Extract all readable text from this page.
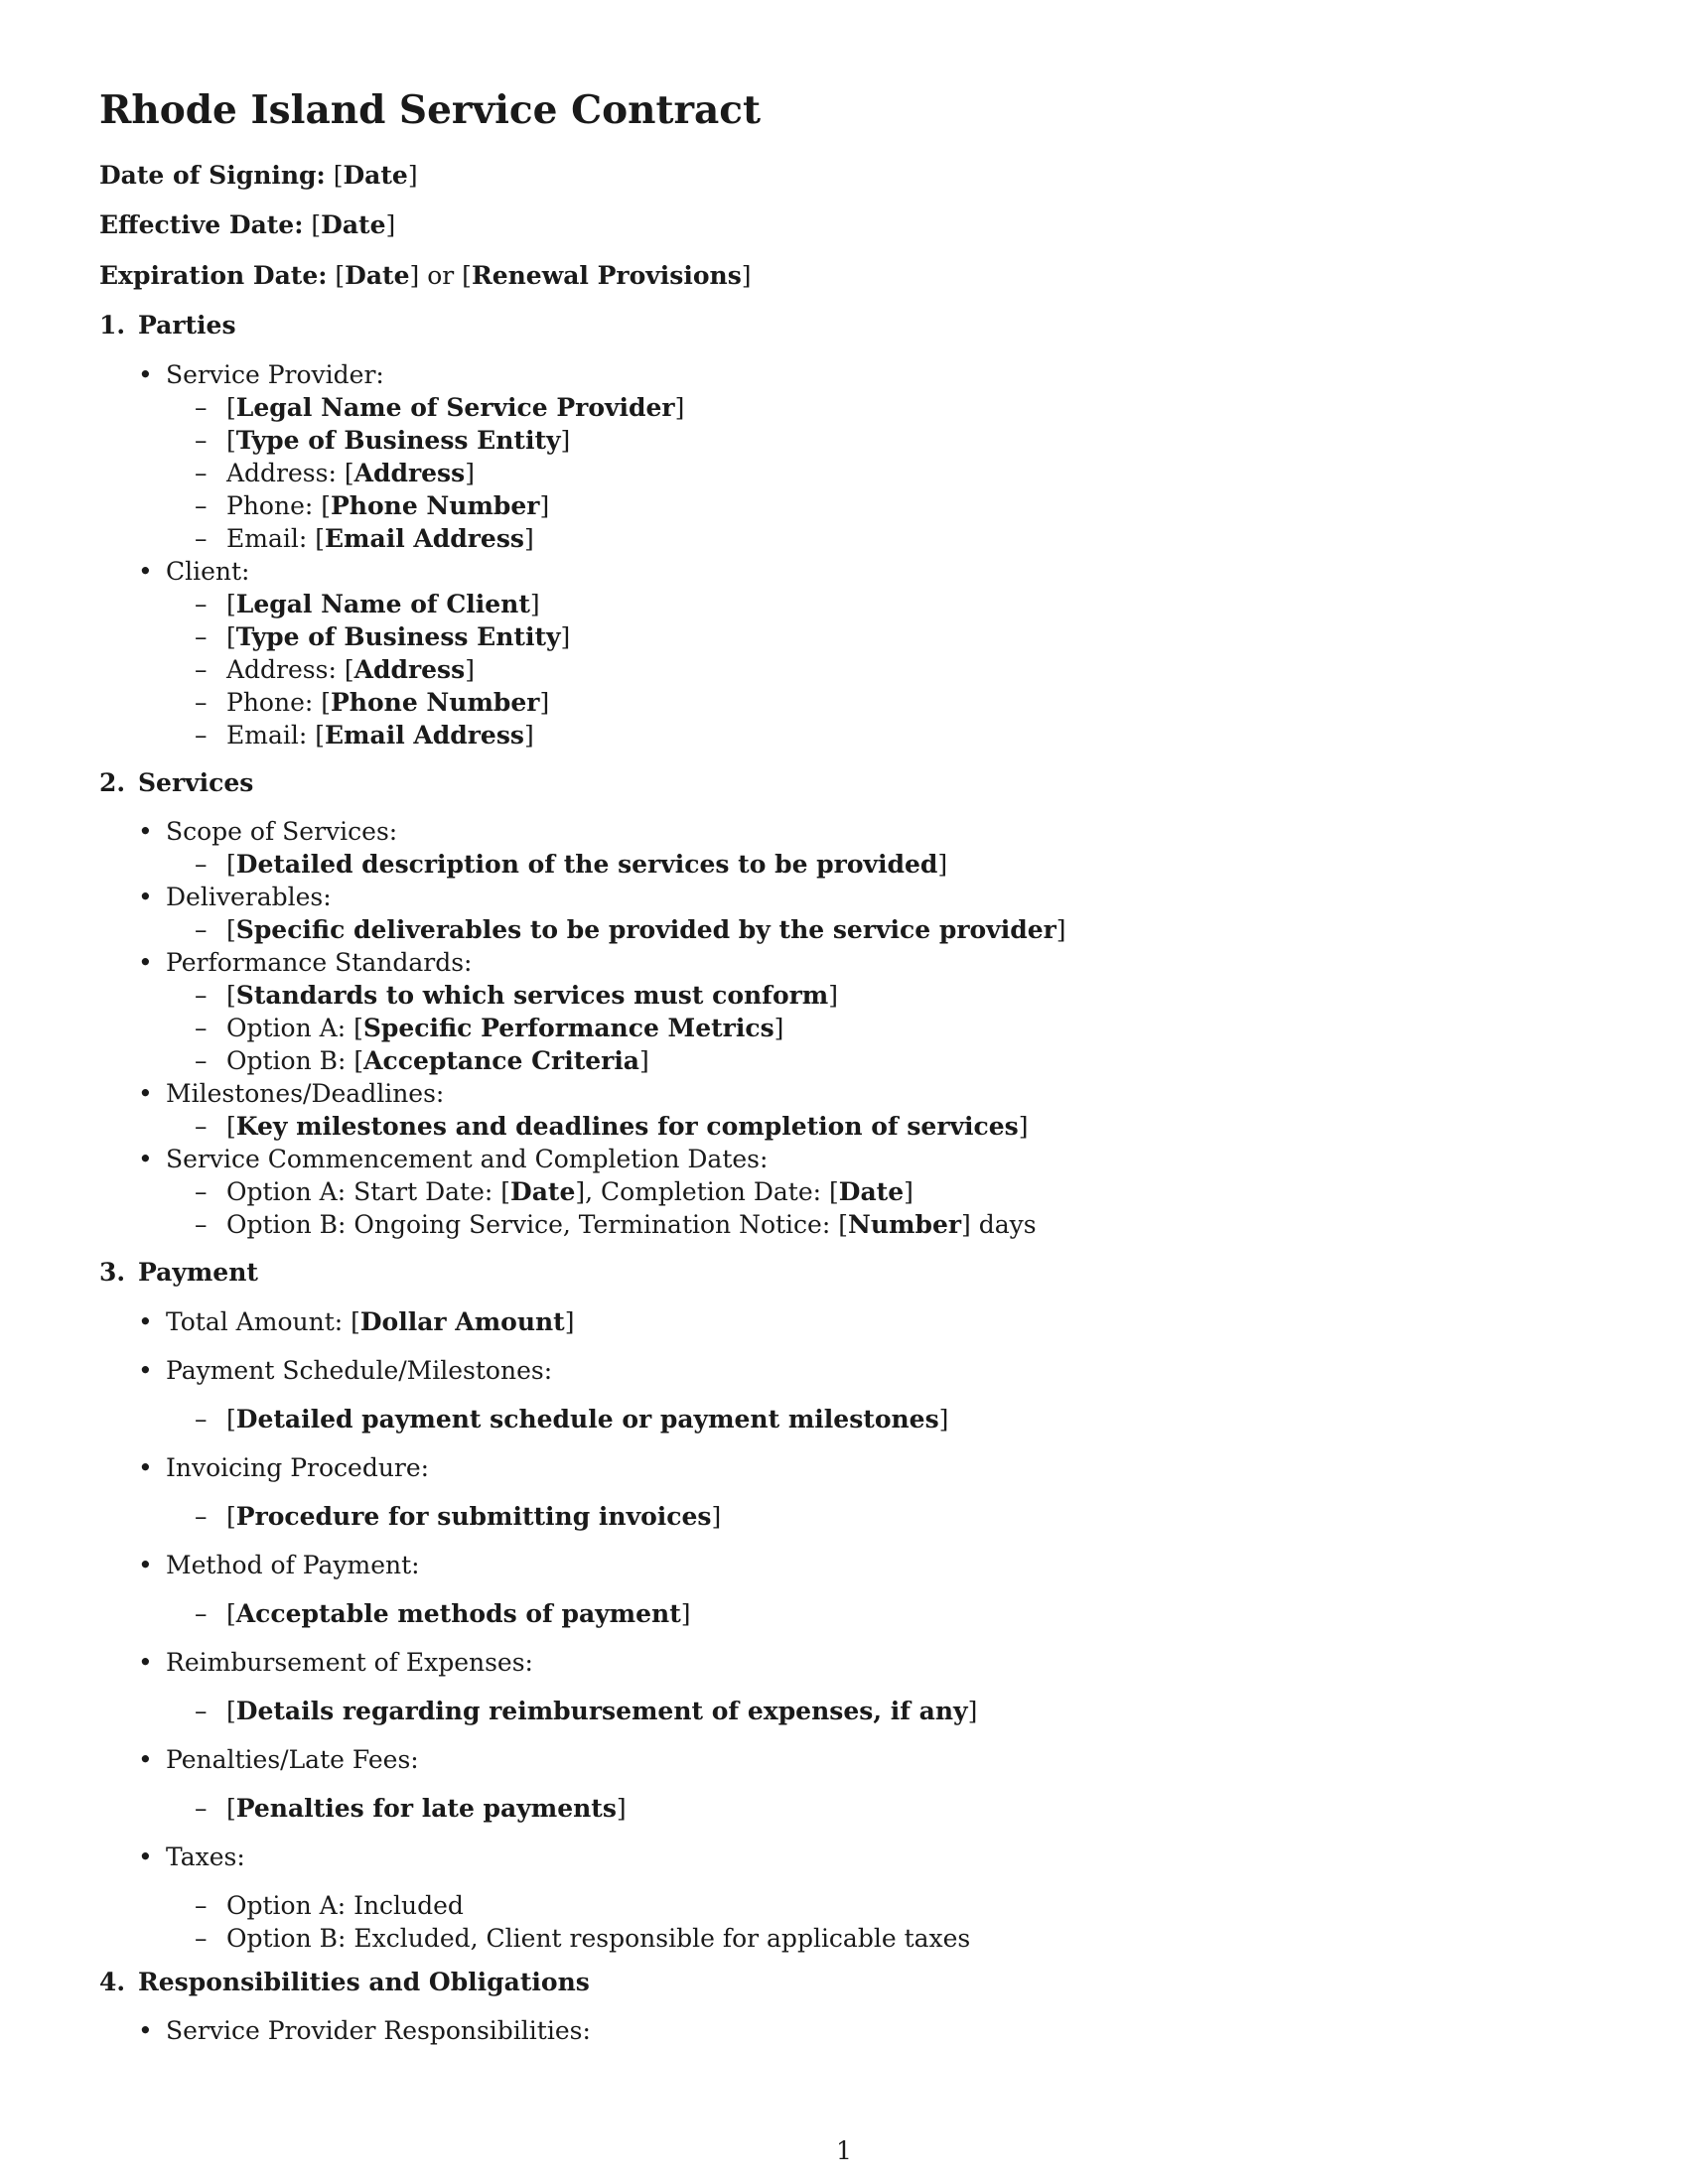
Rhode Island Service Contract

Date of Signing: [Date]

Effective Date: [Date]

Expiration Date: [Date] or [Renewal Provisions]

1. Parties
• Service Provider:
– [Legal Name of Service Provider]
– [Type of Business Entity]
– Address: [Address]
– Phone: [Phone Number]
– Email: [Email Address]
• Client:
– [Legal Name of Client]
– [Type of Business Entity]
– Address: [Address]
– Phone: [Phone Number]
– Email: [Email Address]
2. Services
• Scope of Services:
– [Detailed description of the services to be provided]
• Deliverables:
– [Specific deliverables to be provided by the service provider]
• Performance Standards:
– [Standards to which services must conform]
– Option A: [Specific Performance Metrics]
– Option B: [Acceptance Criteria]
• Milestones/Deadlines:
– [Key milestones and deadlines for completion of services]
• Service Commencement and Completion Dates:
– Option A: Start Date: [Date], Completion Date: [Date]
– Option B: Ongoing Service, Termination Notice: [Number] days
3. Payment
• Total Amount: [Dollar Amount]
• Payment Schedule/Milestones:
– [Detailed payment schedule or payment milestones]
• Invoicing Procedure:
– [Procedure for submitting invoices]
• Method of Payment:
– [Acceptable methods of payment]
• Reimbursement of Expenses:
– [Details regarding reimbursement of expenses, if any]
• Penalties/Late Fees:
– [Penalties for late payments]
• Taxes:
– Option A: Included
– Option B: Excluded, Client responsible for applicable taxes
4. Responsibilities and Obligations
• Service Provider Responsibilities:
1
